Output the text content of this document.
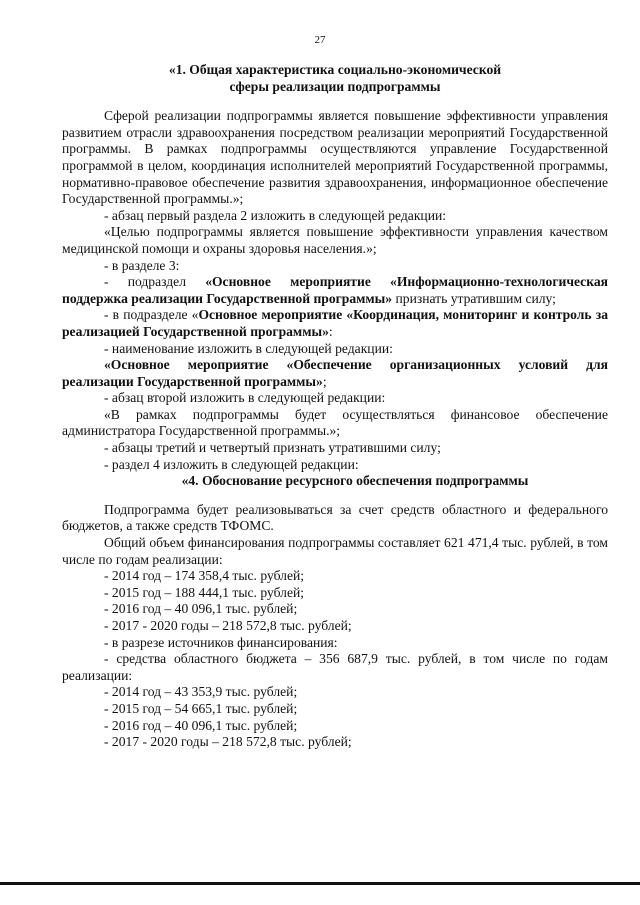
27
«1. Общая характеристика социально-экономической
сферы реализации подпрограммы

Сферой реализации подпрограммы является повышение эффективности управления развитием отрасли здравоохранения посредством реализации мероприятий Государственной программы. В рамках подпрограммы осуществляются управление Государственной программой в целом, координация исполнителей мероприятий Государственной программы, нормативно-правовое обеспечение развития здравоохранения, информационное обеспечение Государственной программы.»;

- абзац первый раздела 2 изложить в следующей редакции:

«Целью подпрограммы является повышение эффективности управления качеством медицинской помощи и охраны здоровья населения.»;

- в разделе 3:

- подраздел «Основное мероприятие «Информационно-технологическая поддержка реализации Государственной программы» признать утратившим силу;

- в подразделе «Основное мероприятие «Координация, мониторинг и контроль за реализацией Государственной программы»:

- наименование изложить в следующей редакции:

«Основное мероприятие «Обеспечение организационных условий для реализации Государственной программы»;

- абзац второй изложить в следующей редакции:

«В рамках подпрограммы будет осуществляться финансовое обеспечение администратора Государственной программы.»;

- абзацы третий и четвертый признать утратившими силу;

- раздел 4 изложить в следующей редакции:

«4. Обоснование ресурсного обеспечения подпрограммы

Подпрограмма будет реализовываться за счет средств областного и федерального бюджетов, а также средств ТФОМС.

Общий объем финансирования подпрограммы составляет 621 471,4 тыс. рублей, в том числе по годам реализации:

- 2014 год – 174 358,4 тыс. рублей;

- 2015 год – 188 444,1 тыс. рублей;

- 2016 год – 40 096,1 тыс. рублей;

- 2017 - 2020 годы – 218 572,8 тыс. рублей;

- в разрезе источников финансирования:

- средства областного бюджета – 356 687,9 тыс. рублей, в том числе по годам реализации:

- 2014 год – 43 353,9 тыс. рублей;

- 2015 год – 54 665,1 тыс. рублей;

- 2016 год – 40 096,1 тыс. рублей;

- 2017 - 2020 годы – 218 572,8 тыс. рублей;
